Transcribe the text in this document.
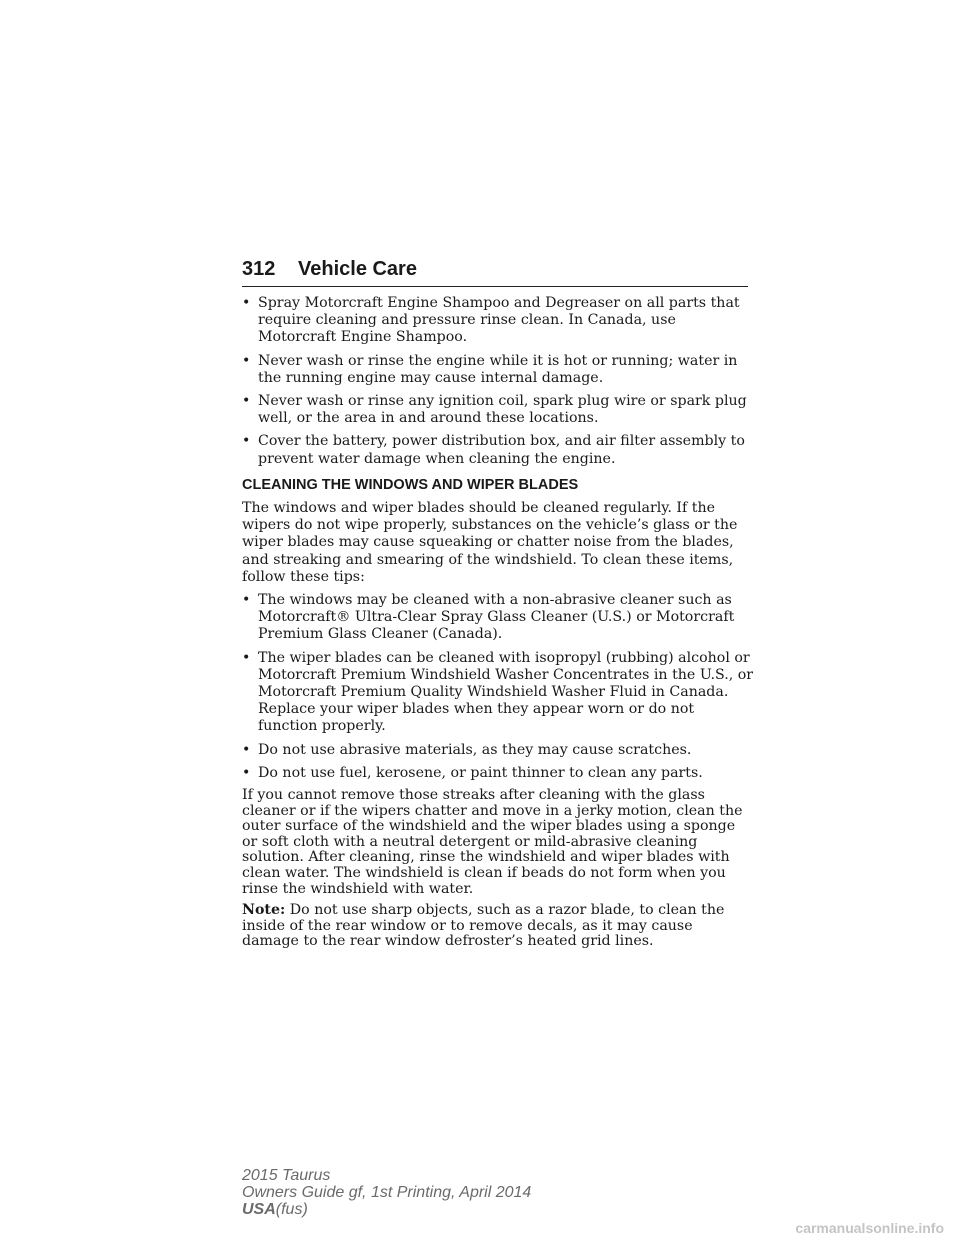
312 Vehicle Care
• Spray Motorcraft Engine Shampoo and Degreaser on all parts that require cleaning and pressure rinse clean. In Canada, use Motorcraft Engine Shampoo.
• Never wash or rinse the engine while it is hot or running; water in the running engine may cause internal damage.
• Never wash or rinse any ignition coil, spark plug wire or spark plug well, or the area in and around these locations.
• Cover the battery, power distribution box, and air filter assembly to prevent water damage when cleaning the engine.
CLEANING THE WINDOWS AND WIPER BLADES

The windows and wiper blades should be cleaned regularly. If the wipers do not wipe properly, substances on the vehicle’s glass or the wiper blades may cause squeaking or chatter noise from the blades, and streaking and smearing of the windshield. To clean these items, follow these tips:

• The windows may be cleaned with a non-abrasive cleaner such as Motorcraft® Ultra-Clear Spray Glass Cleaner (U.S.) or Motorcraft Premium Glass Cleaner (Canada).
• The wiper blades can be cleaned with isopropyl (rubbing) alcohol or Motorcraft Premium Windshield Washer Concentrates in the U.S., or Motorcraft Premium Quality Windshield Washer Fluid in Canada. Replace your wiper blades when they appear worn or do not function properly.
• Do not use abrasive materials, as they may cause scratches.
• Do not use fuel, kerosene, or paint thinner to clean any parts.

If you cannot remove those streaks after cleaning with the glass cleaner or if the wipers chatter and move in a jerky motion, clean the outer surface of the windshield and the wiper blades using a sponge or soft cloth with a neutral detergent or mild-abrasive cleaning solution. After cleaning, rinse the windshield and wiper blades with clean water. The windshield is clean if beads do not form when you rinse the windshield with water.

Note: Do not use sharp objects, such as a razor blade, to clean the inside of the rear window or to remove decals, as it may cause damage to the rear window defroster’s heated grid lines.

2015 Taurus
Owners Guide gf, 1st Printing, April 2014
USA(fus)
carmanualsonline.info
